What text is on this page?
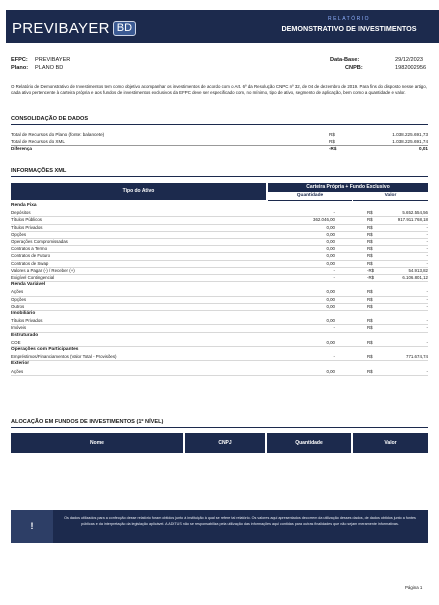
PREVIBAYER BD
RELATÓRIO
DEMONSTRATIVO DE INVESTIMENTOS
EFPC: PREVIBAYER
Plano: PLANO BD
Data-Base:	29/12/2023
CNPB:	1982002956
O Relatório de Demonstrativo de Investimentos tem como objetivo acompanhar os investimentos de acordo com o Art. 6º da Resolução CNPC nº 32, de 04 de dezembro de 2019. Para fins do disposto nesse artigo, cada ativo pertencente à carteira própria e aos fundos de investimentos exclusivos da EFPC deve ser especificado com, no mínimo, tipo de ativo, segmento de aplicação, bem como a quantidade e valor.
CONSOLIDAÇÃO DE DADOS
Total de Recursos do Plano (fonte: balancete)	R$	1.038.225.691,73
Total de Recursos do XML	R$	1.038.225.691,74
Diferença	-R$	0,01
INFORMAÇÕES XML
Tipo do Ativo
Carteira Própria + Fundo Exclusivo
Quantidade	Valor
Renda Fixa
Depósitos	-	R$	5.652.554,56
Títulos Públicos	362.046,00	R$	917.911.768,18
Títulos Privados	0,00	R$	-
Opções	0,00	R$	-
Operações Compromissadas	0,00	R$	-
Contratos a Termo	0,00	R$	-
Contratos de Futuro	0,00	R$	-
Contratos de Swap	0,00	R$	-
Valores a Pagar (-) / Receber (+)	-	-R$	54.913,82
Exigível Contingencial	-	-R$	6.106.801,12
Renda Variável
Ações	0,00	R$	-
Opções	0,00	R$	-
Outros	0,00	R$	-
Imobiliário
Títulos Privados	0,00	R$	-
Imóveis	-	R$	-
Estruturado
COE	0,00	R$	-
Operações com Participantes
Empréstimos/Financiamentos (Valor Total - Provisões)	-	R$	771.674,74
Exterior
Ações	0,00	R$	-
ALOCAÇÃO EM FUNDOS DE INVESTIMENTOS (1º NÍVEL)
Nome	CNPJ	Quantidade	Valor
!
Os dados utilizados para a confecção desse relatório foram obtidos junto à instituição à qual se refere tal relatório. Os valores aqui apresentados decorrem da utilização desses dados, de dados obtidos junto a fontes públicas e da interpretação da legislação aplicável. A ADITUS não se responsabiliza pela utilização das informações aqui contidas para outras finalidades que não sejam meramente informativas.
Página 1
